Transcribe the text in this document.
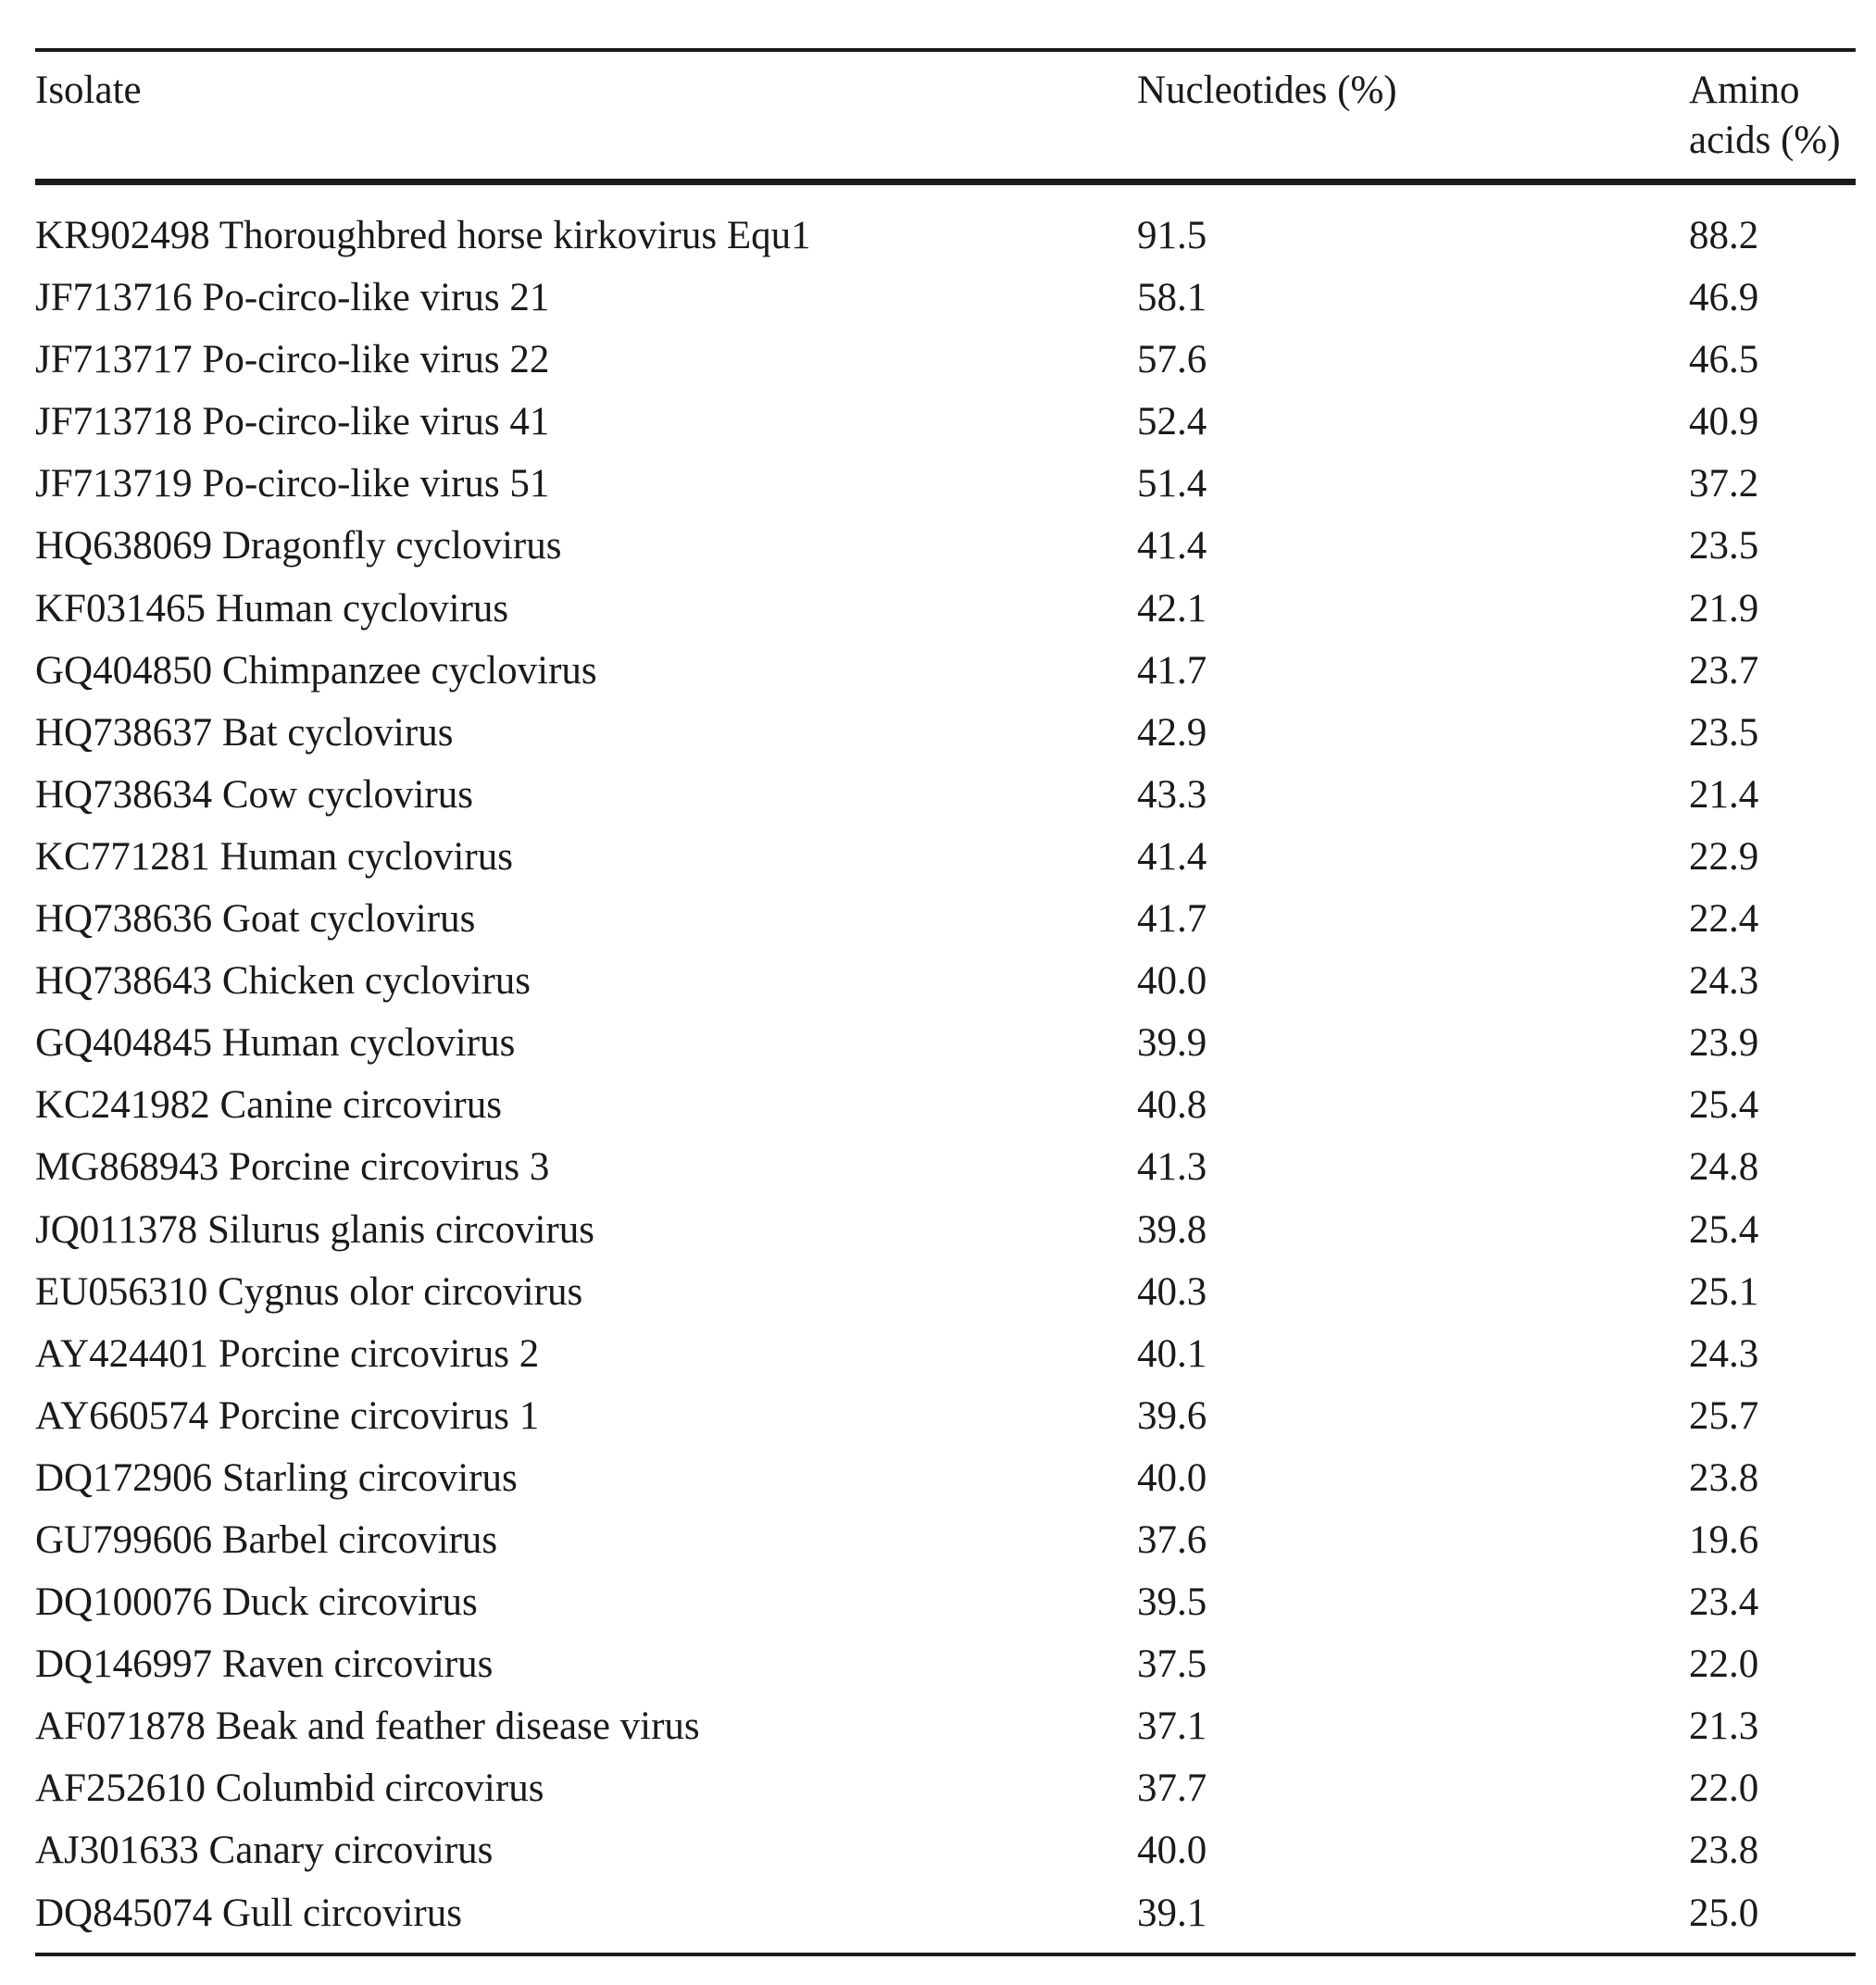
Isolate	Nucleotides (%)	Amino
acids (%)
KR902498 Thoroughbred horse kirkovirus Equ1	91.5	88.2
JF713716 Po-circo-like virus 21	58.1	46.9
JF713717 Po-circo-like virus 22	57.6	46.5
JF713718 Po-circo-like virus 41	52.4	40.9
JF713719 Po-circo-like virus 51	51.4	37.2
HQ638069 Dragonfly cyclovirus	41.4	23.5
KF031465 Human cyclovirus	42.1	21.9
GQ404850 Chimpanzee cyclovirus	41.7	23.7
HQ738637 Bat cyclovirus	42.9	23.5
HQ738634 Cow cyclovirus	43.3	21.4
KC771281 Human cyclovirus	41.4	22.9
HQ738636 Goat cyclovirus	41.7	22.4
HQ738643 Chicken cyclovirus	40.0	24.3
GQ404845 Human cyclovirus	39.9	23.9
KC241982 Canine circovirus	40.8	25.4
MG868943 Porcine circovirus 3	41.3	24.8
JQ011378 Silurus glanis circovirus	39.8	25.4
EU056310 Cygnus olor circovirus	40.3	25.1
AY424401 Porcine circovirus 2	40.1	24.3
AY660574 Porcine circovirus 1	39.6	25.7
DQ172906 Starling circovirus	40.0	23.8
GU799606 Barbel circovirus	37.6	19.6
DQ100076 Duck circovirus	39.5	23.4
DQ146997 Raven circovirus	37.5	22.0
AF071878 Beak and feather disease virus	37.1	21.3
AF252610 Columbid circovirus	37.7	22.0
AJ301633 Canary circovirus	40.0	23.8
DQ845074 Gull circovirus	39.1	25.0
